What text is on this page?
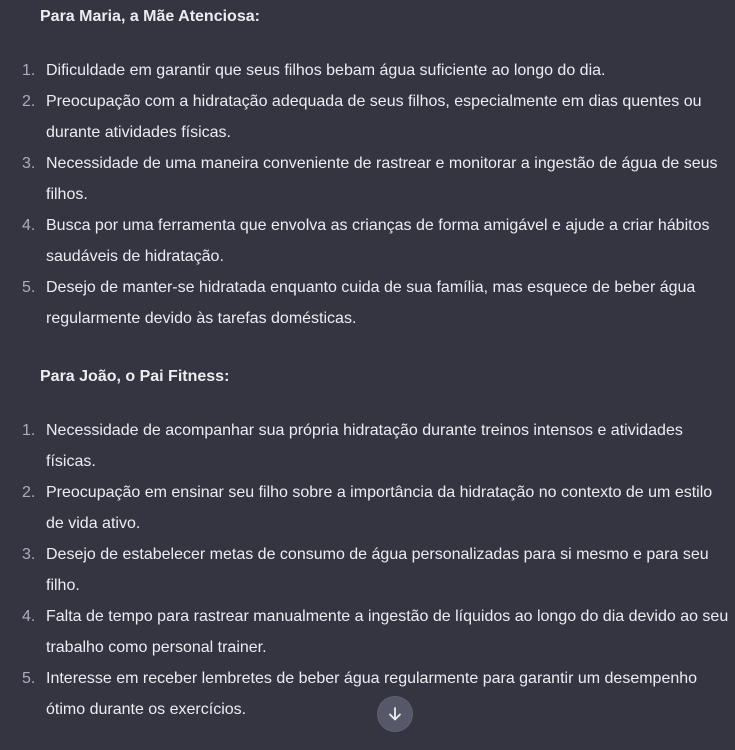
Para Maria, a Mãe Atenciosa:
1. Dificuldade em garantir que seus filhos bebam água suficiente ao longo do dia.
2. Preocupação com a hidratação adequada de seus filhos, especialmente em dias quentes ou durante atividades físicas.
3. Necessidade de uma maneira conveniente de rastrear e monitorar a ingestão de água de seus filhos.
4. Busca por uma ferramenta que envolva as crianças de forma amigável e ajude a criar hábitos saudáveis de hidratação.
5. Desejo de manter-se hidratada enquanto cuida de sua família, mas esquece de beber água regularmente devido às tarefas domésticas.
Para João, o Pai Fitness:
1. Necessidade de acompanhar sua própria hidratação durante treinos intensos e atividades físicas.
2. Preocupação em ensinar seu filho sobre a importância da hidratação no contexto de um estilo de vida ativo.
3. Desejo de estabelecer metas de consumo de água personalizadas para si mesmo e para seu filho.
4. Falta de tempo para rastrear manualmente a ingestão de líquidos ao longo do dia devido ao seu trabalho como personal trainer.
5. Interesse em receber lembretes de beber água regularmente para garantir um desempenho ótimo durante os exercícios.
